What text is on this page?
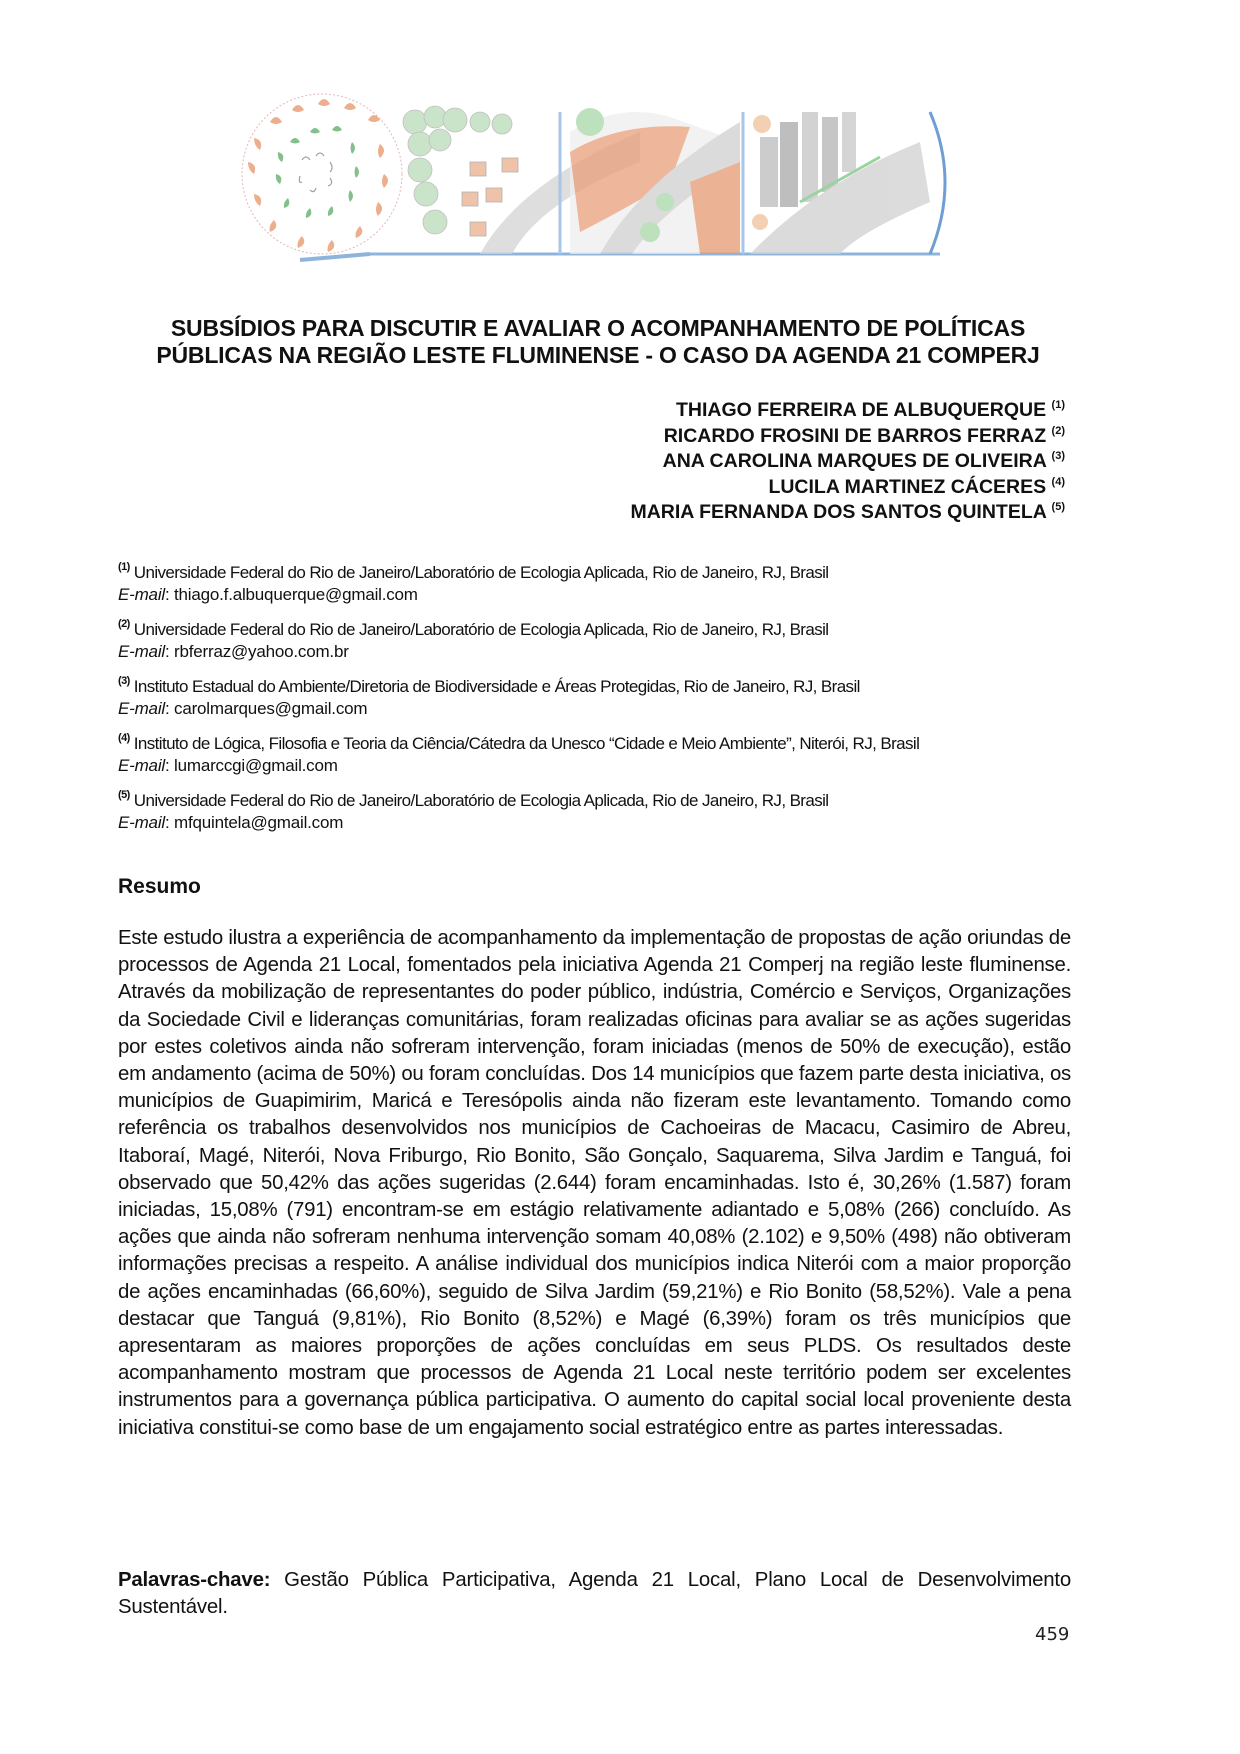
SUBSÍDIOS PARA DISCUTIR E AVALIAR O ACOMPANHAMENTO DE POLÍTICAS
PÚBLICAS NA REGIÃO LESTE FLUMINENSE - O CASO DA AGENDA 21 COMPERJ
THIAGO FERREIRA DE ALBUQUERQUE $^{(1)}$
RICARDO FROSINI DE BARROS FERRAZ $^{(2)}$
ANA CAROLINA MARQUES DE OLIVEIRA $^{(3)}$
LUCILA MARTINEZ CÁCERES $^{(4)}$
MARIA FERNANDA DOS SANTOS QUINTELA $^{(5)}$
$^{(1)}$ Universidade Federal do Rio de Janeiro/Laboratório de Ecologia Aplicada, Rio de Janeiro, RJ, Brasil
E-mail: thiago.f.albuquerque@gmail.com
$^{(2)}$ Universidade Federal do Rio de Janeiro/Laboratório de Ecologia Aplicada, Rio de Janeiro, RJ, Brasil
E-mail: rbferraz@yahoo.com.br
$^{(3)}$ Instituto Estadual do Ambiente/Diretoria de Biodiversidade e Áreas Protegidas, Rio de Janeiro, RJ, Brasil
E-mail: carolmarques@gmail.com
$^{(4)}$ Instituto de Lógica, Filosofia e Teoria da Ciência/Cátedra da Unesco “Cidade e Meio Ambiente”, Niterói, RJ, Brasil
E-mail: lumarccgi@gmail.com
$^{(5)}$ Universidade Federal do Rio de Janeiro/Laboratório de Ecologia Aplicada, Rio de Janeiro, RJ, Brasil
E-mail: mfquintela@gmail.com
Resumo
Este estudo ilustra a experiência de acompanhamento da implementação de propostas de ação oriundas de processos de Agenda 21 Local, fomentados pela iniciativa Agenda 21 Comperj na região leste fluminense. Através da mobilização de representantes do poder público, indústria, Comércio e Serviços, Organizações da Sociedade Civil e lideranças comunitárias, foram realizadas oficinas para avaliar se as ações sugeridas por estes coletivos ainda não sofreram intervenção, foram iniciadas (menos de 50% de execução), estão em andamento (acima de 50%) ou foram concluídas. Dos 14 municípios que fazem parte desta iniciativa, os municípios de Guapimirim, Maricá e Teresópolis ainda não fizeram este levantamento. Tomando como referência os trabalhos desenvolvidos nos municípios de Cachoeiras de Macacu, Casimiro de Abreu, Itaboraí, Magé, Niterói, Nova Friburgo, Rio Bonito, São Gonçalo, Saquarema, Silva Jardim e Tanguá, foi observado que 50,42% das ações sugeridas (2.644) foram encaminhadas. Isto é, 30,26% (1.587) foram iniciadas, 15,08% (791) encontram-se em estágio relativamente adiantado e 5,08% (266) concluído. As ações que ainda não sofreram nenhuma intervenção somam 40,08% (2.102) e 9,50% (498) não obtiveram informações precisas a respeito. A análise individual dos municípios indica Niterói com a maior proporção de ações encaminhadas (66,60%), seguido de Silva Jardim (59,21%) e Rio Bonito (58,52%). Vale a pena destacar que Tanguá (9,81%), Rio Bonito (8,52%) e Magé (6,39%) foram os três municípios que apresentaram as maiores proporções de ações concluídas em seus PLDS. Os resultados deste acompanhamento mostram que processos de Agenda 21 Local neste território podem ser excelentes instrumentos para a governança pública participativa. O aumento do capital social local proveniente desta iniciativa constitui-se como base de um engajamento social estratégico entre as partes interessadas.
Palavras-chave: Gestão Pública Participativa, Agenda 21 Local, Plano Local de Desenvolvimento Sustentável.
459
